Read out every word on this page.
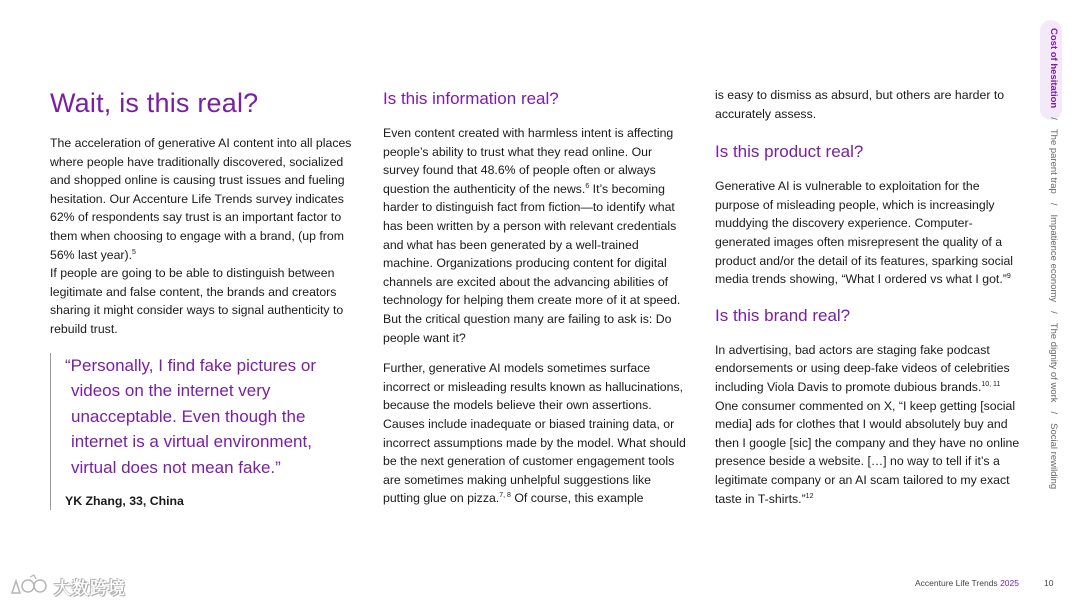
Wait, is this real?

The acceleration of generative AI content into all places where people have traditionally discovered, socialized and shopped online is causing trust issues and fueling hesitation. Our Accenture Life Trends survey indicates 62% of respondents say trust is an important factor to them when choosing to engage with a brand, (up from 56% last year).$^5$

If people are going to be able to distinguish between legitimate and false content, the brands and creators sharing it might consider ways to signal authenticity to rebuild trust.

“Personally, I find fake pictures or videos on the internet very unacceptable. Even though the internet is a virtual environment, virtual does not mean fake.”

YK Zhang, 33, China
Is this information real?

Even content created with harmless intent is affecting people’s ability to trust what they read online. Our survey found that 48.6% of people often or always question the authenticity of the news.$^6$ It’s becoming harder to distinguish fact from fiction—to identify what has been written by a person with relevant credentials and what has been generated by a well-trained machine. Organizations producing content for digital channels are excited about the advancing abilities of technology for helping them create more of it at speed. But the critical question many are failing to ask is: Do people want it?

Further, generative AI models sometimes surface incorrect or misleading results known as hallucinations, because the models believe their own assertions. Causes include inadequate or biased training data, or incorrect assumptions made by the model. What should be the next generation of customer engagement tools are sometimes making unhelpful suggestions like putting glue on pizza.$^{7, 8}$ Of course, this example

is easy to dismiss as absurd, but others are harder to accurately assess.

Is this product real?

Generative AI is vulnerable to exploitation for the purpose of misleading people, which is increasingly muddying the discovery experience. Computer-generated images often misrepresent the quality of a product and/or the detail of its features, sparking social media trends showing, “What I ordered vs what I got.”$^9$

Is this brand real?

In advertising, bad actors are staging fake podcast endorsements or using deep-fake videos of celebrities including Viola Davis to promote dubious brands.$^{10, 11}$ One consumer commented on X, “I keep getting [social media] ads for clothes that I would absolutely buy and then I google [sic] the company and they have no online presence beside a website. […] no way to tell if it’s a legitimate company or an AI scam tailored to my exact taste in T-shirts.”$^{12}$

Cost of hesitation/The parent trap/Impatience economy/The dignity of work/Social rewilding
Accenture Life Trends 2025	10
大数跨境
